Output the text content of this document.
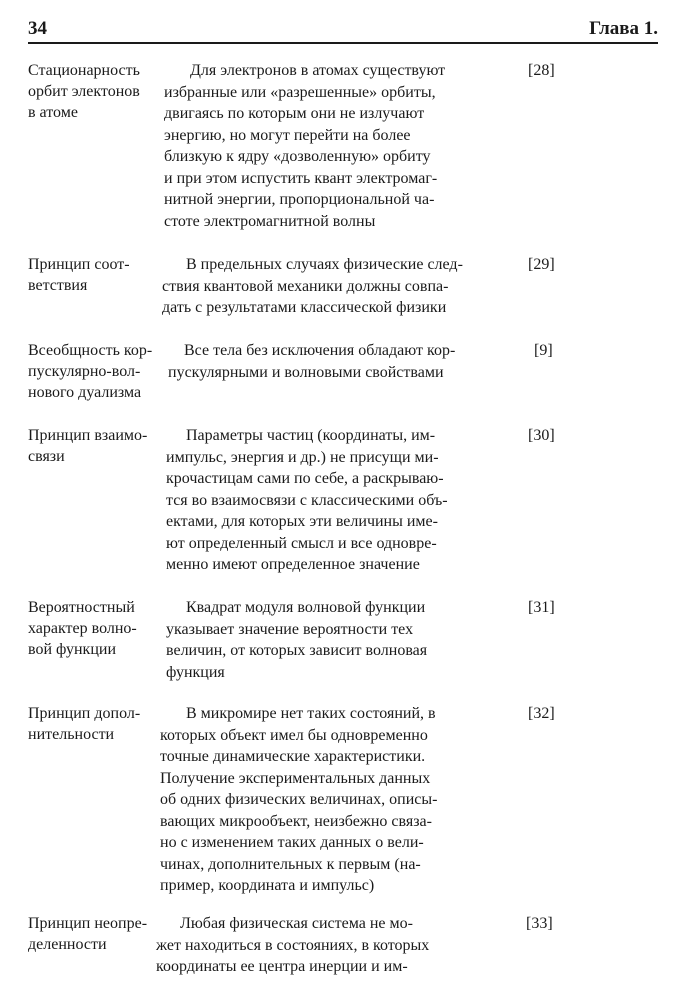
34	Глава 1.
Стационарность
орбит электонов
в атоме
Для электронов в атомах существуют
избранные или «разрешенные» орбиты,
двигаясь по которым они не излучают
энергию, но могут перейти на более
близкую к ядру «дозволенную» орбиту
и при этом испустить квант электромаг-
нитной энергии, пропорциональной ча-
стоте электромагнитной волны
[28]
Принцип соот-
ветствия
В предельных случаях физические след-
ствия квантовой механики должны совпа-
дать с результатами классической физики
[29]
Всеобщность кор-
пускулярно-вол-
нового дуализма
Все тела без исключения обладают кор-
пускулярными и волновыми свойствами
[9]
Принцип взаимо-
связи
Параметры частиц (координаты, им-
импульс, энергия и др.) не присущи ми-
крочастицам сами по себе, а раскрываю-
тся во взаимосвязи с классическими объ-
ектами, для которых эти величины име-
ют определенный смысл и все одновре-
менно имеют определенное значение
[30]
Вероятностный
характер волно-
вой функции
Квадрат модуля волновой функции
указывает значение вероятности тех
величин, от которых зависит волновая
функция
[31]
Принцип допол-
нительности
В микромире нет таких состояний, в
которых объект имел бы одновременно
точные динамические характеристики.
Получение экспериментальных данных
об одних физических величинах, описы-
вающих микрообъект, неизбежно связа-
но с изменением таких данных о вели-
чинах, дополнительных к первым (на-
пример, координата и импульс)
[32]
Принцип неопре-
деленности
Любая физическая система не мо-
жет находиться в состояниях, в которых
координаты ее центра инерции и им-
[33]
